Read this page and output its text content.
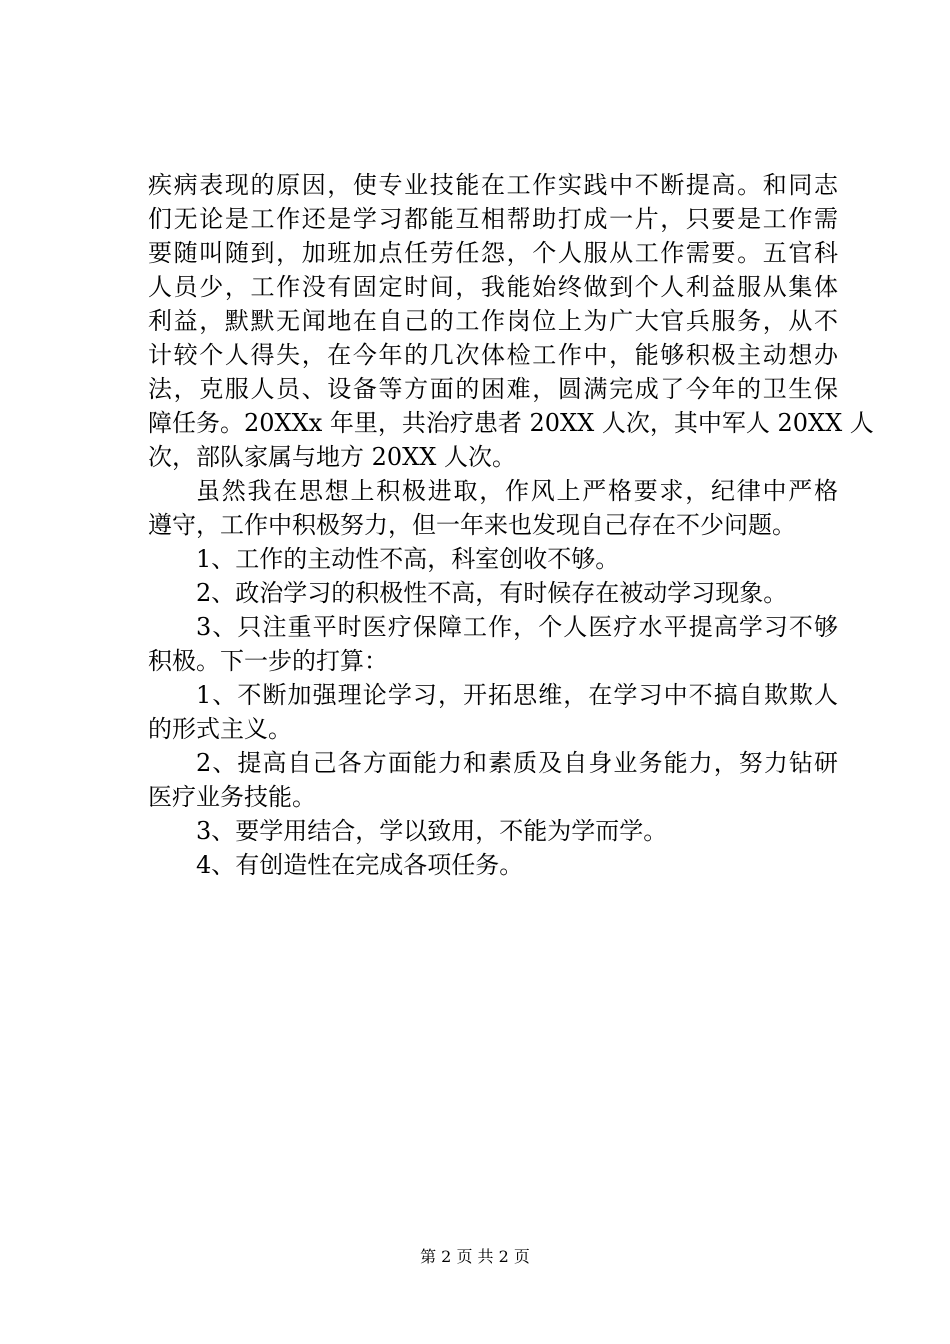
疾病表现的原因，使专业技能在工作实践中不断提高。和同志
们无论是工作还是学习都能互相帮助打成一片，只要是工作需
要随叫随到，加班加点任劳任怨，个人服从工作需要。五官科
人员少，工作没有固定时间，我能始终做到个人利益服从集体
利益，默默无闻地在自己的工作岗位上为广大官兵服务，从不
计较个人得失，在今年的几次体检工作中，能够积极主动想办
法，克服人员、设备等方面的困难，圆满完成了今年的卫生保
障任务。20XXx 年里，共治疗患者 20XX 人次，其中军人 20XX 人
次，部队家属与地方 20XX 人次。
虽然我在思想上积极进取，作风上严格要求，纪律中严格
遵守，工作中积极努力，但一年来也发现自己存在不少问题。
1、工作的主动性不高，科室创收不够。
2、政治学习的积极性不高，有时候存在被动学习现象。
3、只注重平时医疗保障工作，个人医疗水平提高学习不够
积极。下一步的打算：
1、不断加强理论学习，开拓思维，在学习中不搞自欺欺人
的形式主义。
2、提高自己各方面能力和素质及自身业务能力，努力钻研
医疗业务技能。
3、要学用结合，学以致用，不能为学而学。
4、有创造性在完成各项任务。
第 2 页 共 2 页
